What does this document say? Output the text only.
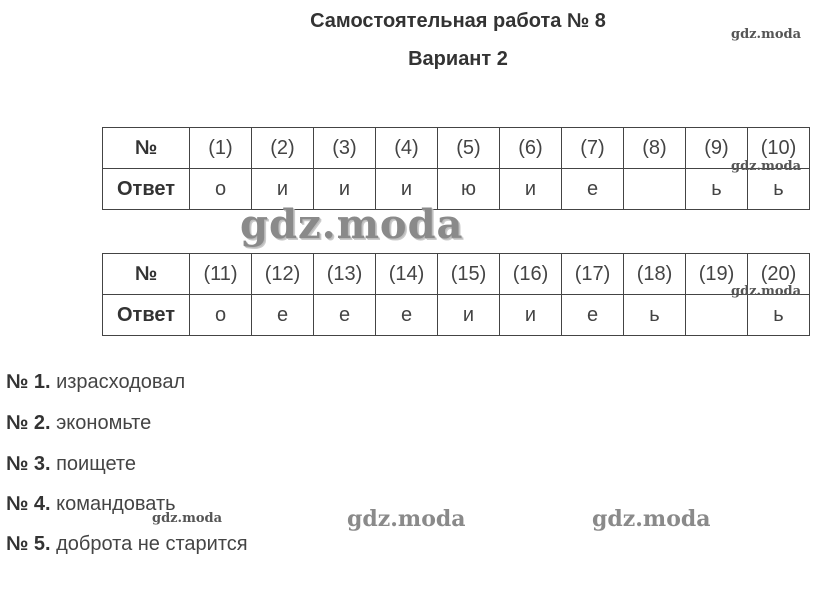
Самостоятельная работа № 8
Вариант 2
№	(1)	(2)	(3)	(4)	(5)	(6)	(7)	(8)	(9)	(10)
Ответ	о	и	и	и	ю	и	е		ь	ь
№	(11)	(12)	(13)	(14)	(15)	(16)	(17)	(18)	(19)	(20)
Ответ	о	е	е	е	и	и	е	ь		ь
№ 1. израсходовал
№ 2. экономьте
№ 3. поищете
№ 4. командовать
№ 5. доброта не старится
gdz.moda
gdz.moda
gdz.moda
gdz.moda
gdz.moda	gdz.moda	gdz.moda
